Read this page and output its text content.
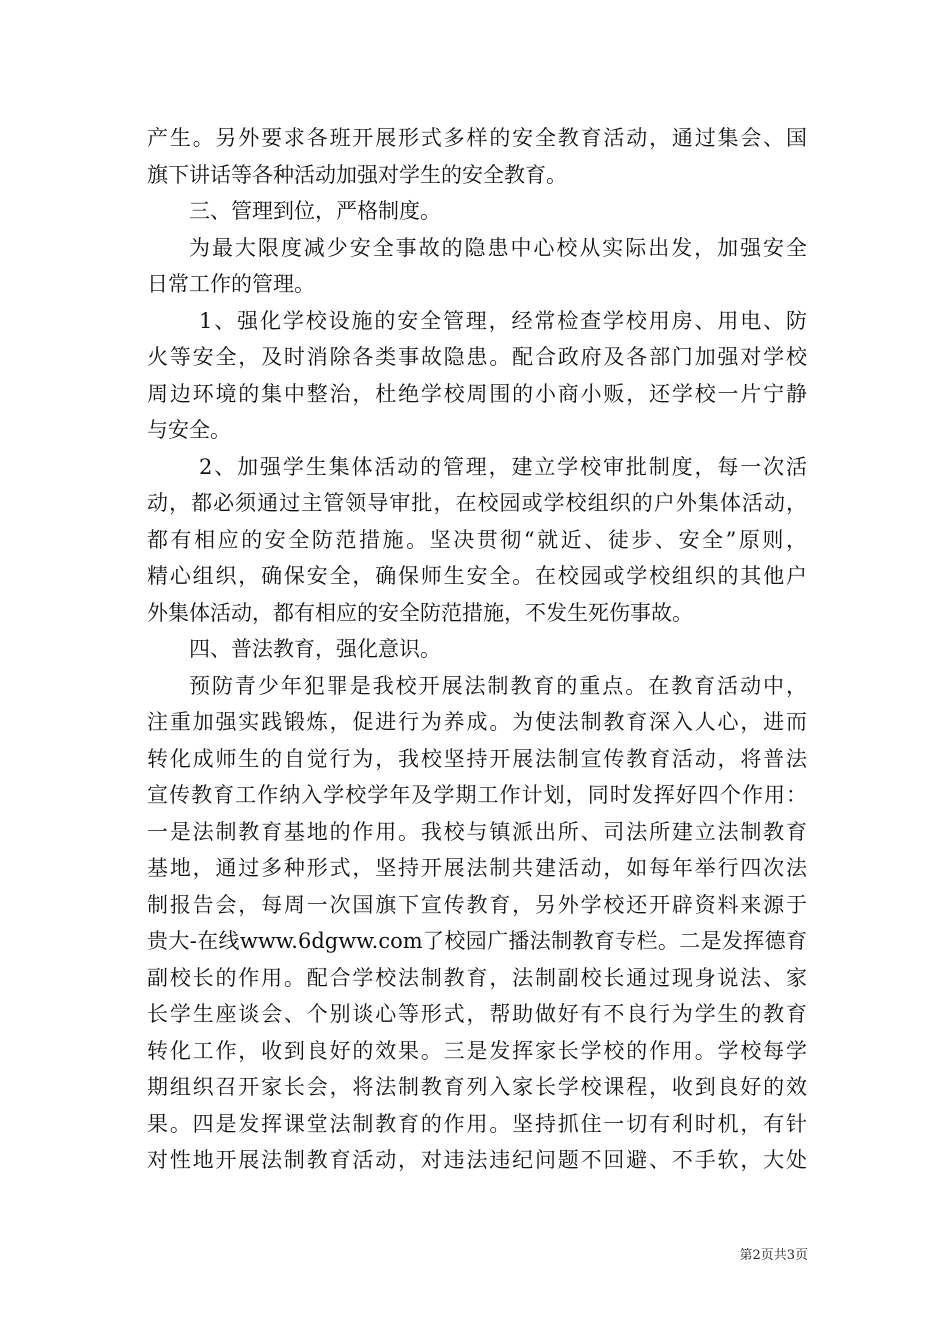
产生。另外要求各班开展形式多样的安全教育活动，通过集会、国
旗下讲话等各种活动加强对学生的安全教育。
三、管理到位，严格制度。
为最大限度减少安全事故的隐患中心校从实际出发，加强安全
日常工作的管理。
1、强化学校设施的安全管理，经常检查学校用房、用电、防
火等安全，及时消除各类事故隐患。配合政府及各部门加强对学校
周边环境的集中整治，杜绝学校周围的小商小贩，还学校一片宁静
与安全。
2、加强学生集体活动的管理，建立学校审批制度，每一次活
动，都必须通过主管领导审批，在校园或学校组织的户外集体活动，
都有相应的安全防范措施。坚决贯彻“就近、徒步、安全”原则，
精心组织，确保安全，确保师生安全。在校园或学校组织的其他户
外集体活动，都有相应的安全防范措施，不发生死伤事故。
四、普法教育，强化意识。
预防青少年犯罪是我校开展法制教育的重点。在教育活动中，
注重加强实践锻炼，促进行为养成。为使法制教育深入人心，进而
转化成师生的自觉行为，我校坚持开展法制宣传教育活动，将普法
宣传教育工作纳入学校学年及学期工作计划，同时发挥好四个作用：
一是法制教育基地的作用。我校与镇派出所、司法所建立法制教育
基地，通过多种形式，坚持开展法制共建活动，如每年举行四次法
制报告会，每周一次国旗下宣传教育，另外学校还开辟资料来源于
贵大-在线www.6dgww.com了校园广播法制教育专栏。二是发挥德育
副校长的作用。配合学校法制教育，法制副校长通过现身说法、家
长学生座谈会、个别谈心等形式，帮助做好有不良行为学生的教育
转化工作，收到良好的效果。三是发挥家长学校的作用。学校每学
期组织召开家长会，将法制教育列入家长学校课程，收到良好的效
果。四是发挥课堂法制教育的作用。坚持抓住一切有利时机，有针
对性地开展法制教育活动，对违法违纪问题不回避、不手软，大处
第2页共3页
